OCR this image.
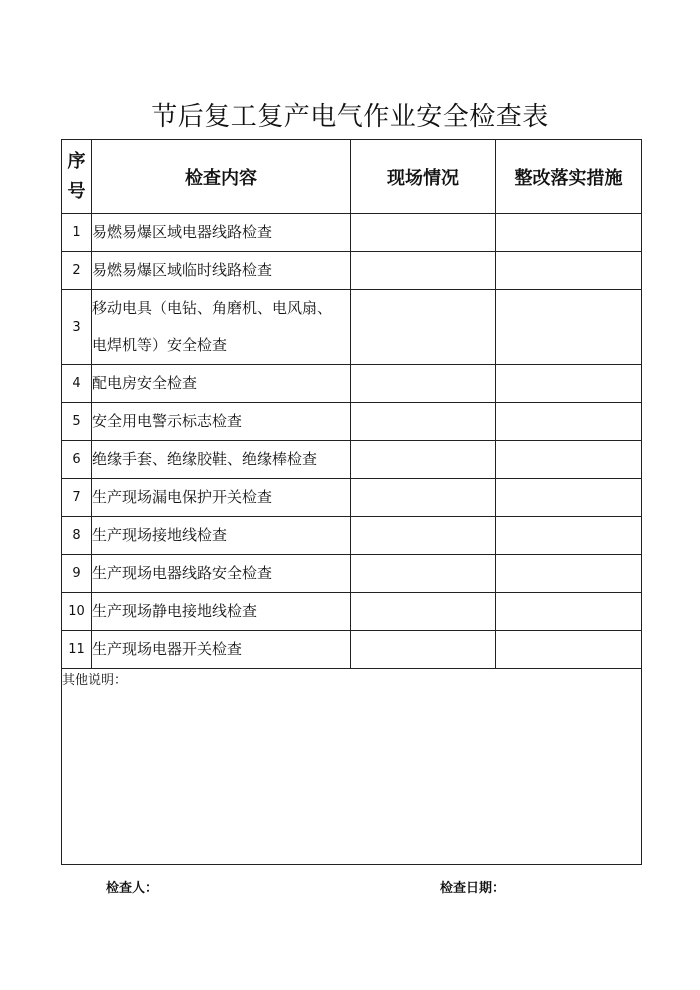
节后复工复产电气作业安全检查表
序
号	检查内容	现场情况	整改落实措施
1	易燃易爆区域电器线路检查		
2	易燃易爆区域临时线路检查		
3	移动电具（电钻、角磨机、电风扇、
电焊机等）安全检查		
4	配电房安全检查		
5	安全用电警示标志检查		
6	绝缘手套、绝缘胶鞋、绝缘棒检查		
7	生产现场漏电保护开关检查		
8	生产现场接地线检查		
9	生产现场电器线路安全检查		
10	生产现场静电接地线检查		
11	生产现场电器开关检查		
其他说明：			
检查人：	检查日期：
